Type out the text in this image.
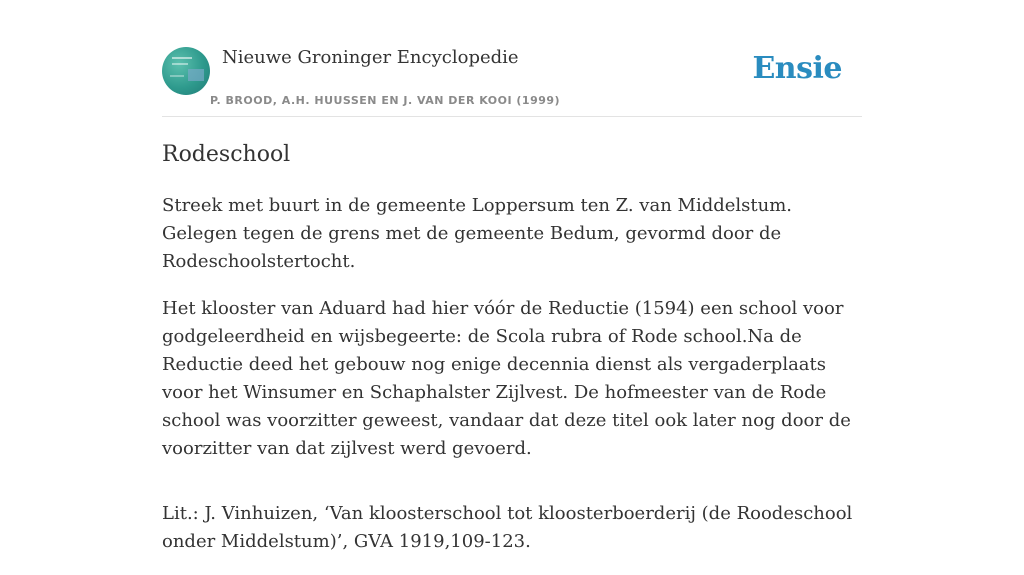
Nieuwe Groninger Encyclopedie
P. BROOD, A.H. HUUSSEN EN J. VAN DER KOOI (1999)
Ensie
Rodeschool

Streek met buurt in de gemeente Loppersum ten Z. van Middelstum. Gelegen tegen de grens met de gemeente Bedum, gevormd door de Rodeschoolstertocht.

Het klooster van Aduard had hier vóór de Reductie (1594) een school voor godgeleerdheid en wijsbegeerte: de Scola rubra of Rode school.Na de Reductie deed het gebouw nog enige decennia dienst als vergaderplaats voor het Winsumer en Schaphalster Zijlvest. De hofmeester van de Rode school was voorzitter geweest, vandaar dat deze titel ook later nog door de voorzitter van dat zijlvest werd gevoerd.

Lit.: J. Vinhuizen, ‘Van kloosterschool tot kloosterboerderij (de Roodeschool onder Middelstum)’, GVA 1919,109-123.
